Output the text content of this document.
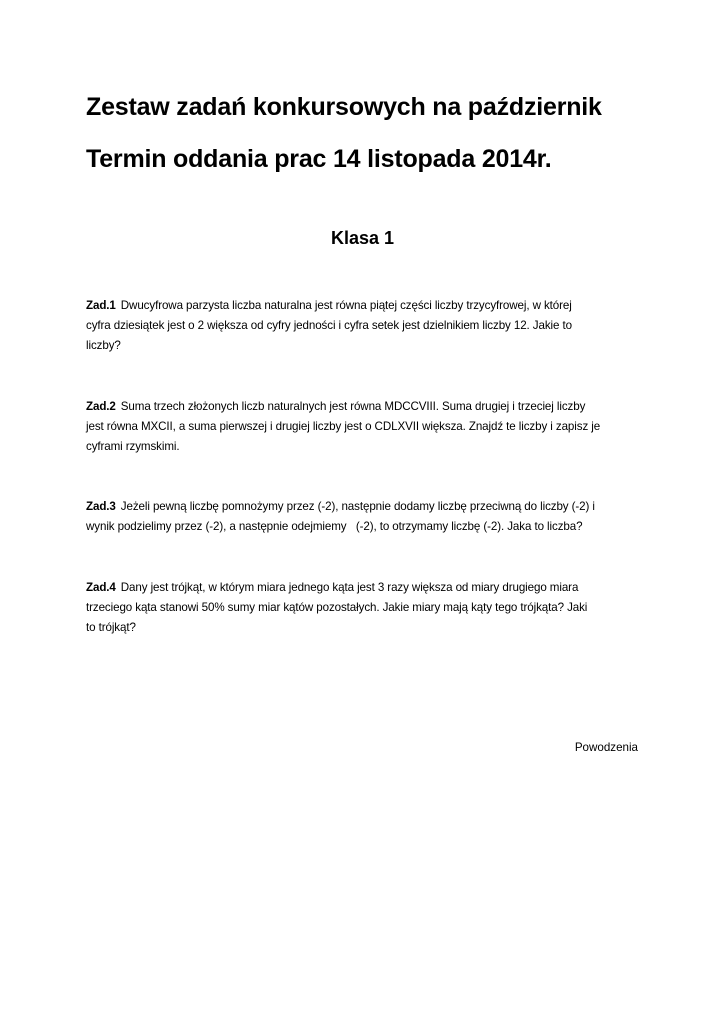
Zestaw zadań konkursowych na październik
Termin oddania prac 14 listopada 2014r.
Klasa 1
Zad.1 Dwucyfrowa parzysta liczba naturalna jest równa piątej części liczby trzycyfrowej, w której
cyfra dziesiątek jest o 2 większa od cyfry jedności i cyfra setek jest dzielnikiem liczby 12. Jakie to
liczby?
Zad.2 Suma trzech złożonych liczb naturalnych jest równa MDCCVIII. Suma drugiej i trzeciej liczby
jest równa MXCII, a suma pierwszej i drugiej liczby jest o CDLXVII większa. Znajdź te liczby i zapisz je
cyframi rzymskimi.
Zad.3 Jeżeli pewną liczbę pomnożymy przez (-2), następnie dodamy liczbę przeciwną do liczby (-2) i
wynik podzielimy przez (-2), a następnie odejmiemy   (-2), to otrzymamy liczbę (-2). Jaka to liczba?
Zad.4 Dany jest trójkąt, w którym miara jednego kąta jest 3 razy większa od miary drugiego miara
trzeciego kąta stanowi 50% sumy miar kątów pozostałych. Jakie miary mają kąty tego trójkąta? Jaki
to trójkąt?
Powodzenia
